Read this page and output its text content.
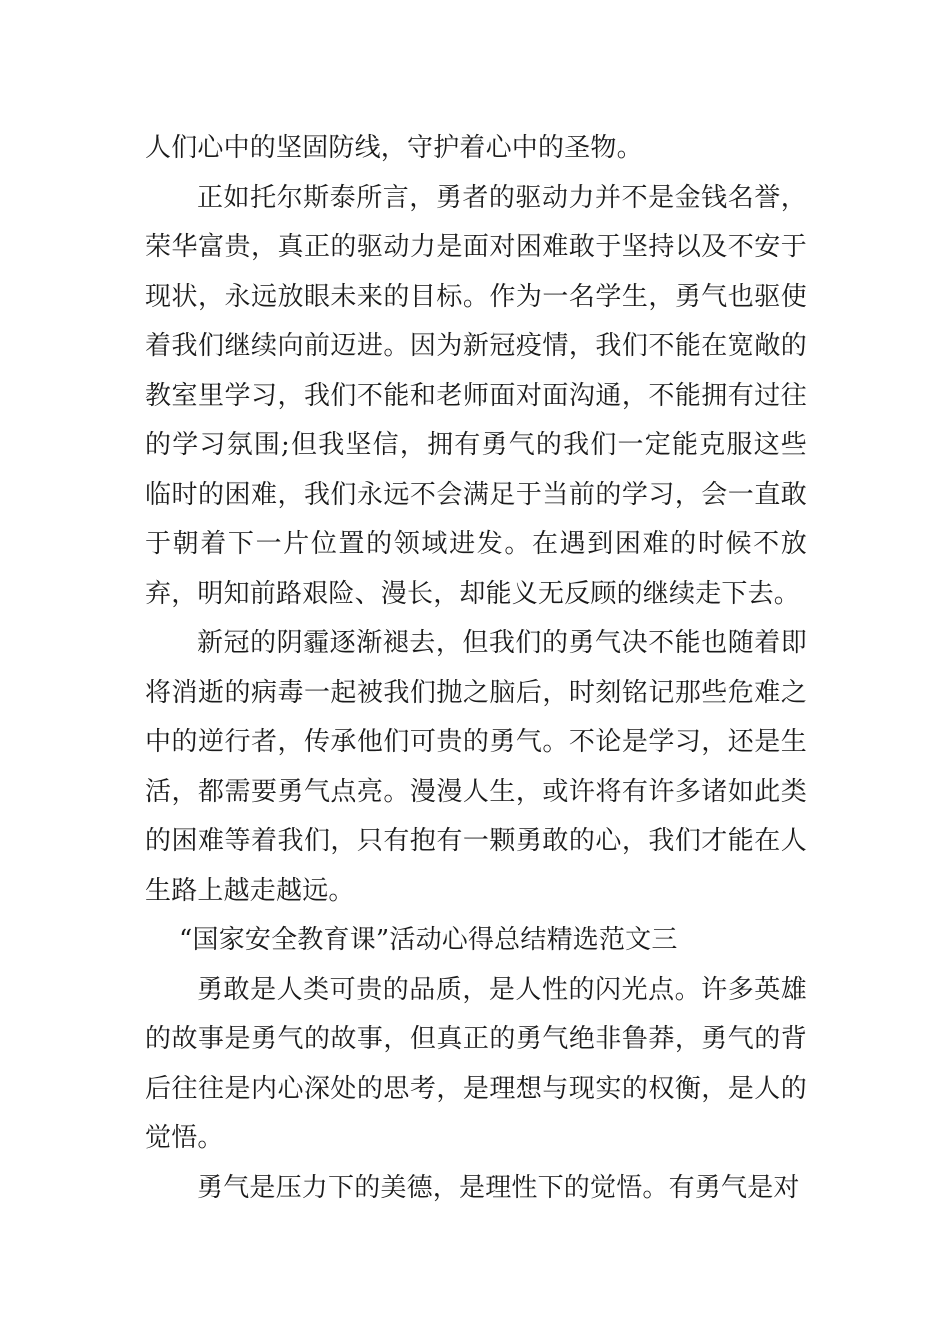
人们心中的坚固防线，守护着心中的圣物。

正如托尔斯泰所言，勇者的驱动力并不是金钱名誉，荣华富贵，真正的驱动力是面对困难敢于坚持以及不安于现状，永远放眼未来的目标。作为一名学生，勇气也驱使着我们继续向前迈进。因为新冠疫情，我们不能在宽敞的教室里学习，我们不能和老师面对面沟通，不能拥有过往的学习氛围;但我坚信，拥有勇气的我们一定能克服这些临时的困难，我们永远不会满足于当前的学习，会一直敢于朝着下一片位置的领域进发。在遇到困难的时候不放弃，明知前路艰险、漫长，却能义无反顾的继续走下去。

新冠的阴霾逐渐褪去，但我们的勇气决不能也随着即将消逝的病毒一起被我们抛之脑后，时刻铭记那些危难之中的逆行者，传承他们可贵的勇气。不论是学习，还是生活，都需要勇气点亮。漫漫人生，或许将有许多诸如此类的困难等着我们，只有抱有一颗勇敢的心，我们才能在人生路上越走越远。

“国家安全教育课”活动心得总结精选范文三

勇敢是人类可贵的品质，是人性的闪光点。许多英雄的故事是勇气的故事，但真正的勇气绝非鲁莽，勇气的背后往往是内心深处的思考，是理想与现实的权衡，是人的觉悟。

勇气是压力下的美德，是理性下的觉悟。有勇气是对
